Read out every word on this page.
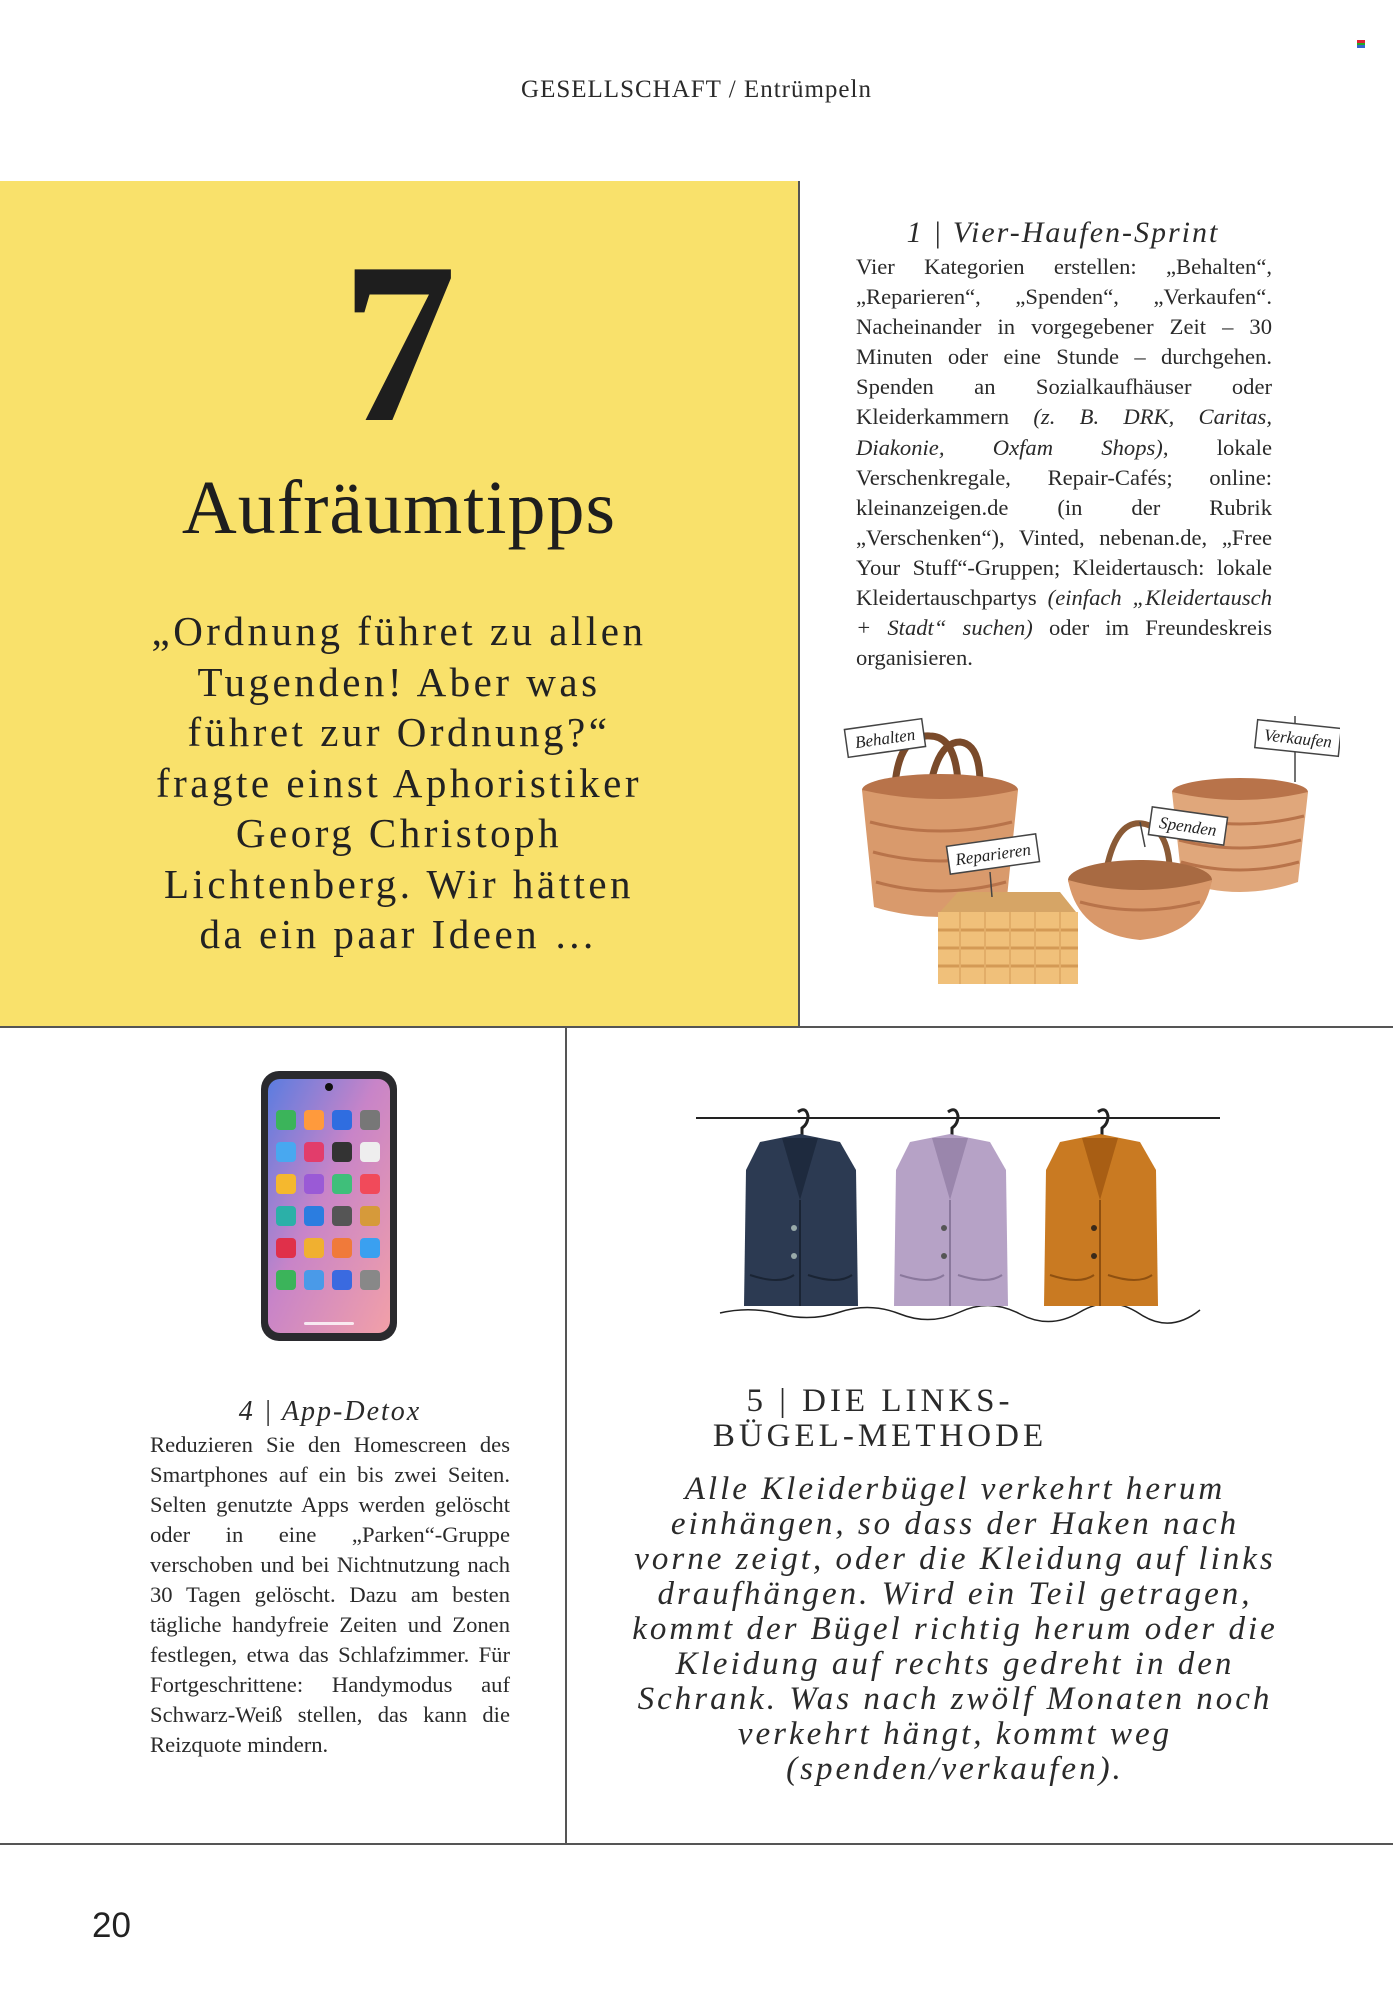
GESELLSCHAFT / Entrümpeln
7
Aufräumtipps
„Ordnung führet zu allen
Tugenden! Aber was
führet zur Ordnung?“
fragte einst Aphoristiker
Georg Christoph
Lichtenberg. Wir hätten
da ein paar Ideen …
1 | Vier-Haufen-Sprint
Vier Kategorien erstellen: „Behalten“, „Reparieren“, „Spenden“, „Verkaufen“. Nacheinander in vorgegebener Zeit – 30 Minuten oder eine Stunde – durchgehen. Spenden an Sozialkaufhäuser oder Kleiderkammern (z. B. DRK, Caritas, Diakonie, Oxfam Shops), lokale Verschenkregale, Repair-Cafés; online: kleinanzeigen.de (in der Rubrik „Verschenken“), Vinted, nebenan.de, „Free Your Stuff“-Gruppen; Kleidertausch: lokale Kleidertauschpartys (einfach „Kleidertausch + Stadt“ suchen) oder im Freundeskreis organisieren.
Behalten
Reparieren
Spenden
Verkaufen
4 | App-Detox
Reduzieren Sie den Homescreen des Smartphones auf ein bis zwei Seiten. Selten genutzte Apps werden gelöscht oder in eine „Parken“-Gruppe verschoben und bei Nichtnutzung nach 30 Tagen gelöscht. Dazu am besten tägliche handyfreie Zeiten und Zonen festlegen, etwa das Schlafzimmer. Für Fortgeschrittene: Handymodus auf Schwarz-Weiß stellen, das kann die Reizquote mindern.
5 | DIE LINKS-
BÜGEL-METHODE
Alle Kleiderbügel verkehrt herum einhängen, so dass der Haken nach vorne zeigt, oder die Kleidung auf links draufhängen. Wird ein Teil getragen, kommt der Bügel richtig herum oder die Kleidung auf rechts gedreht in den Schrank. Was nach zwölf Monaten noch verkehrt hängt, kommt weg (spenden/verkaufen).
20
